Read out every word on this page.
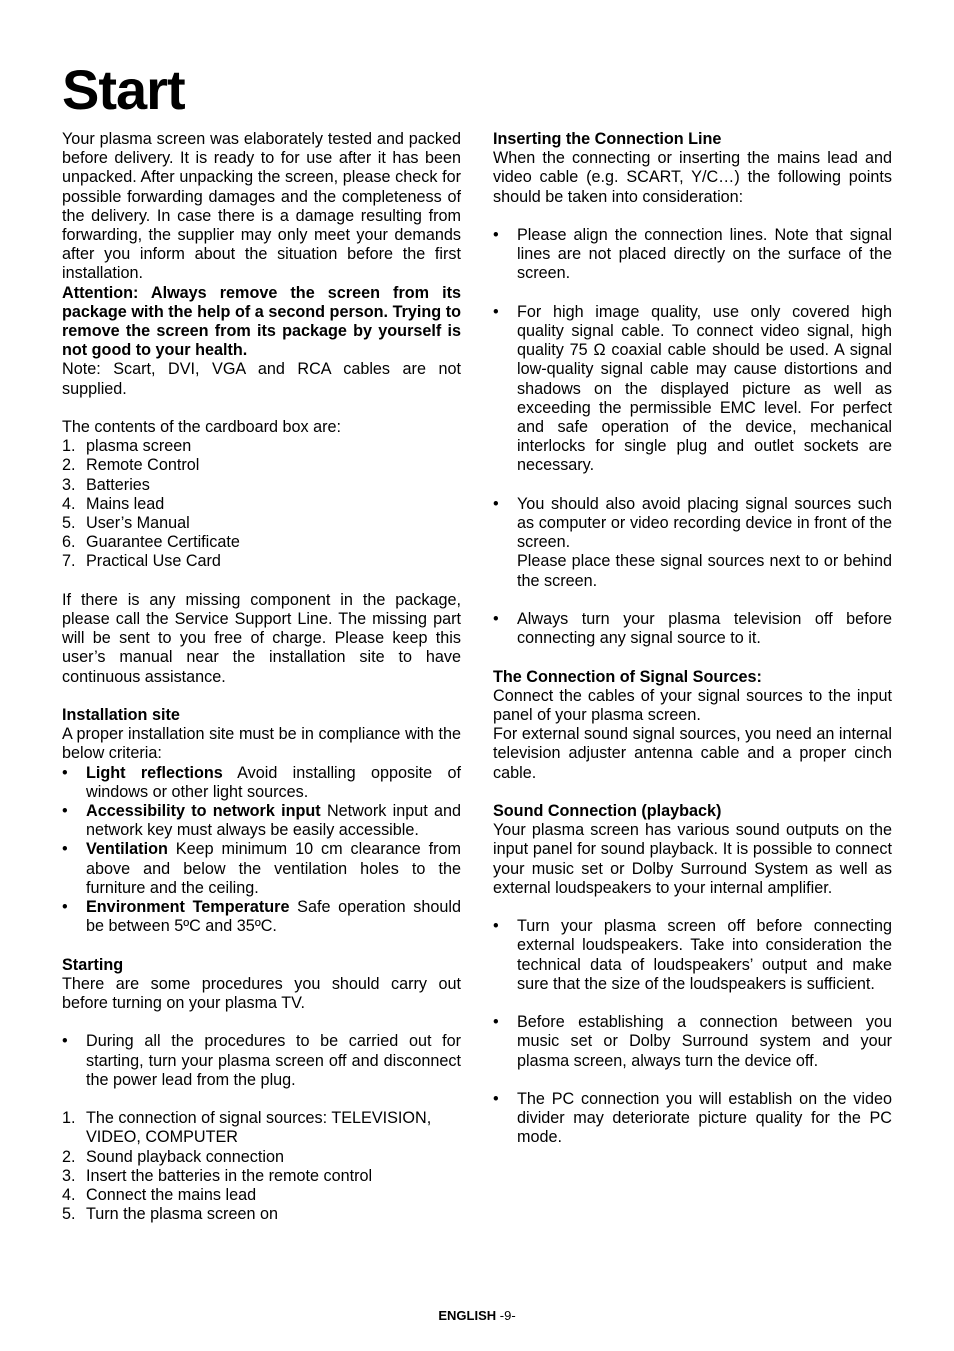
Start

Your plasma screen was elaborately tested and packed before delivery. It is ready to for use after it has been unpacked. After unpacking the screen, please check for possible forwarding damages and the completeness of the delivery. In case there is a damage resulting from forwarding, the supplier may only meet your demands after you inform about the situation before the first installation.

Attention: Always remove the screen from its package with the help of a second person. Trying to remove the screen from its package by yourself is not good to your health.

Note: Scart, DVI, VGA and RCA cables are not supplied.

The contents of the cardboard box are:

1. plasma screen
2. Remote Control
3. Batteries
4. Mains lead
5. User’s Manual
6. Guarantee Certificate
7. Practical Use Card

If there is any missing component in the package, please call the Service Support Line. The missing part will be sent to you free of charge. Please keep this user’s manual near the installation site to have continuous assistance.

Installation site
A proper installation site must be in compliance with the below criteria:

• Light reflections Avoid installing opposite of windows or other light sources.
• Accessibility to network input Network input and network key must always be easily accessible.
• Ventilation Keep minimum 10 cm clearance from above and below the ventilation holes to the furniture and the ceiling.
• Environment Temperature Safe operation should be between 5ºC and 35ºC.

Starting
There are some procedures you should carry out before turning on your plasma TV.

• During all the procedures to be carried out for starting, turn your plasma screen off and disconnect the power lead from the plug.
1. The connection of signal sources: TELEVISION, VIDEO, COMPUTER
2. Sound playback connection
3. Insert the batteries in the remote control
4. Connect the mains lead
5. Turn the plasma screen on

Inserting the Connection Line
When the connecting or inserting the mains lead and video cable (e.g. SCART, Y/C…) the following points should be taken into consideration:

• Please align the connection lines. Note that signal lines are not placed directly on the surface of the screen.
• For high image quality, use only covered high quality signal cable. To connect video signal, high quality 75 Ω coaxial cable should be used. A signal low-quality signal cable may cause distortions and shadows on the displayed picture as well as exceeding the permissible EMC level. For perfect and safe operation of the device, mechanical interlocks for single plug and outlet sockets are necessary.
• You should also avoid placing signal sources such as computer or video recording device in front of the screen.
Please place these signal sources next to or behind the screen.
• Always turn your plasma television off before connecting any signal source to it.

The Connection of Signal Sources:
Connect the cables of your signal sources to the input panel of your plasma screen.
For external sound signal sources, you need an internal television adjuster antenna cable and a proper cinch cable.

Sound Connection (playback)
Your plasma screen has various sound outputs on the input panel for sound playback. It is possible to connect your music set or Dolby Surround System as well as external loudspeakers to your internal amplifier.

• Turn your plasma screen off before connecting external loudspeakers. Take into consideration the technical data of loudspeakers’ output and make sure that the size of the loudspeakers is sufficient.
• Before establishing a connection between you music set or Dolby Surround system and your plasma screen, always turn the device off.
• The PC connection you will establish on the video divider may deteriorate picture quality for the PC mode.
ENGLISH -9-
